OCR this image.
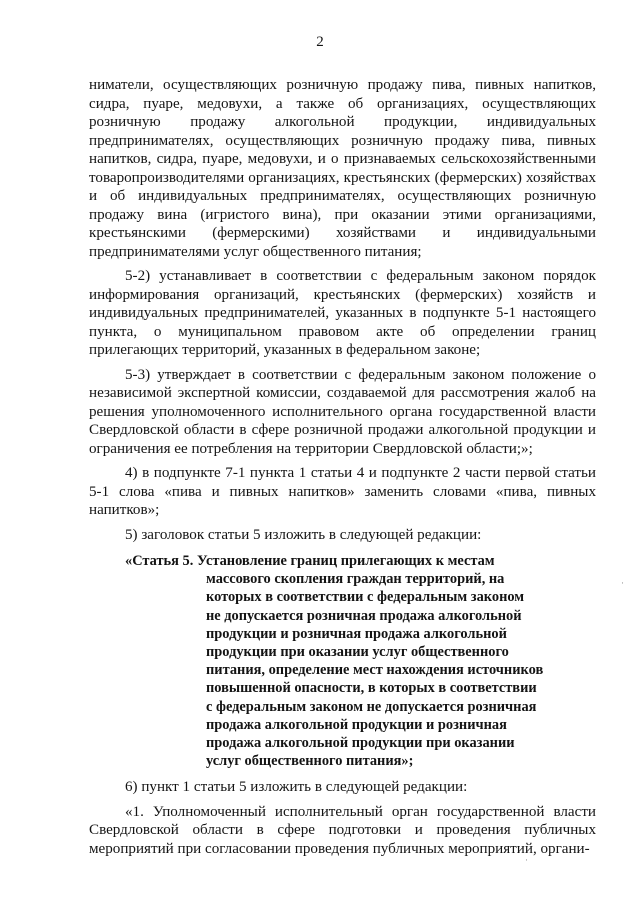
2

ниматели, осуществляющих розничную продажу пива, пивных напитков, сидра, пуаре, медовухи, а также об организациях, осуществляющих розничную продажу алкогольной продукции, индивидуальных предпринимателях, осуществляющих розничную продажу пива, пивных напитков, сидра, пуаре, медовухи, и о признаваемых сельскохозяйственными товаропроизводителями организациях, крестьянских (фермерских) хозяйствах и об индивидуальных предпринимателях, осуществляющих розничную продажу вина (игристого вина), при оказании этими организациями, крестьянскими (фермерскими) хозяйствами и индивидуальными предпринимателями услуг общественного питания;

5-2) устанавливает в соответствии с федеральным законом порядок информирования организаций, крестьянских (фермерских) хозяйств и индивидуальных предпринимателей, указанных в подпункте 5-1 настоящего пункта, о муниципальном правовом акте об определении границ прилегающих территорий, указанных в федеральном законе;

5-3) утверждает в соответствии с федеральным законом положение о независимой экспертной комиссии, создаваемой для рассмотрения жалоб на решения уполномоченного исполнительного органа государственной власти Свердловской области в сфере розничной продажи алкогольной продукции и ограничения ее потребления на территории Свердловской области;»;

4) в подпункте 7-1 пункта 1 статьи 4 и подпункте 2 части первой статьи 5-1 слова «пива и пивных напитков» заменить словами «пива, пивных напитков»;

5) заголовок статьи 5 изложить в следующей редакции:

«Статья 5.
Установление границ прилегающих к местам
массового скопления граждан территорий, на
которых в соответствии с федеральным законом
не допускается розничная продажа алкогольной
продукции и розничная продажа алкогольной
продукции при оказании услуг общественного
питания, определение мест нахождения источников
повышенной опасности, в которых в соответствии
с федеральным законом не допускается розничная
продажа алкогольной продукции и розничная
продажа алкогольной продукции при оказании
услуг общественного питания»;

6) пункт 1 статьи 5 изложить в следующей редакции:

«1. Уполномоченный исполнительный орган государственной власти Свердловской области в сфере подготовки и проведения публичных мероприятий при согласовании проведения публичных мероприятий, органи-

·
·
